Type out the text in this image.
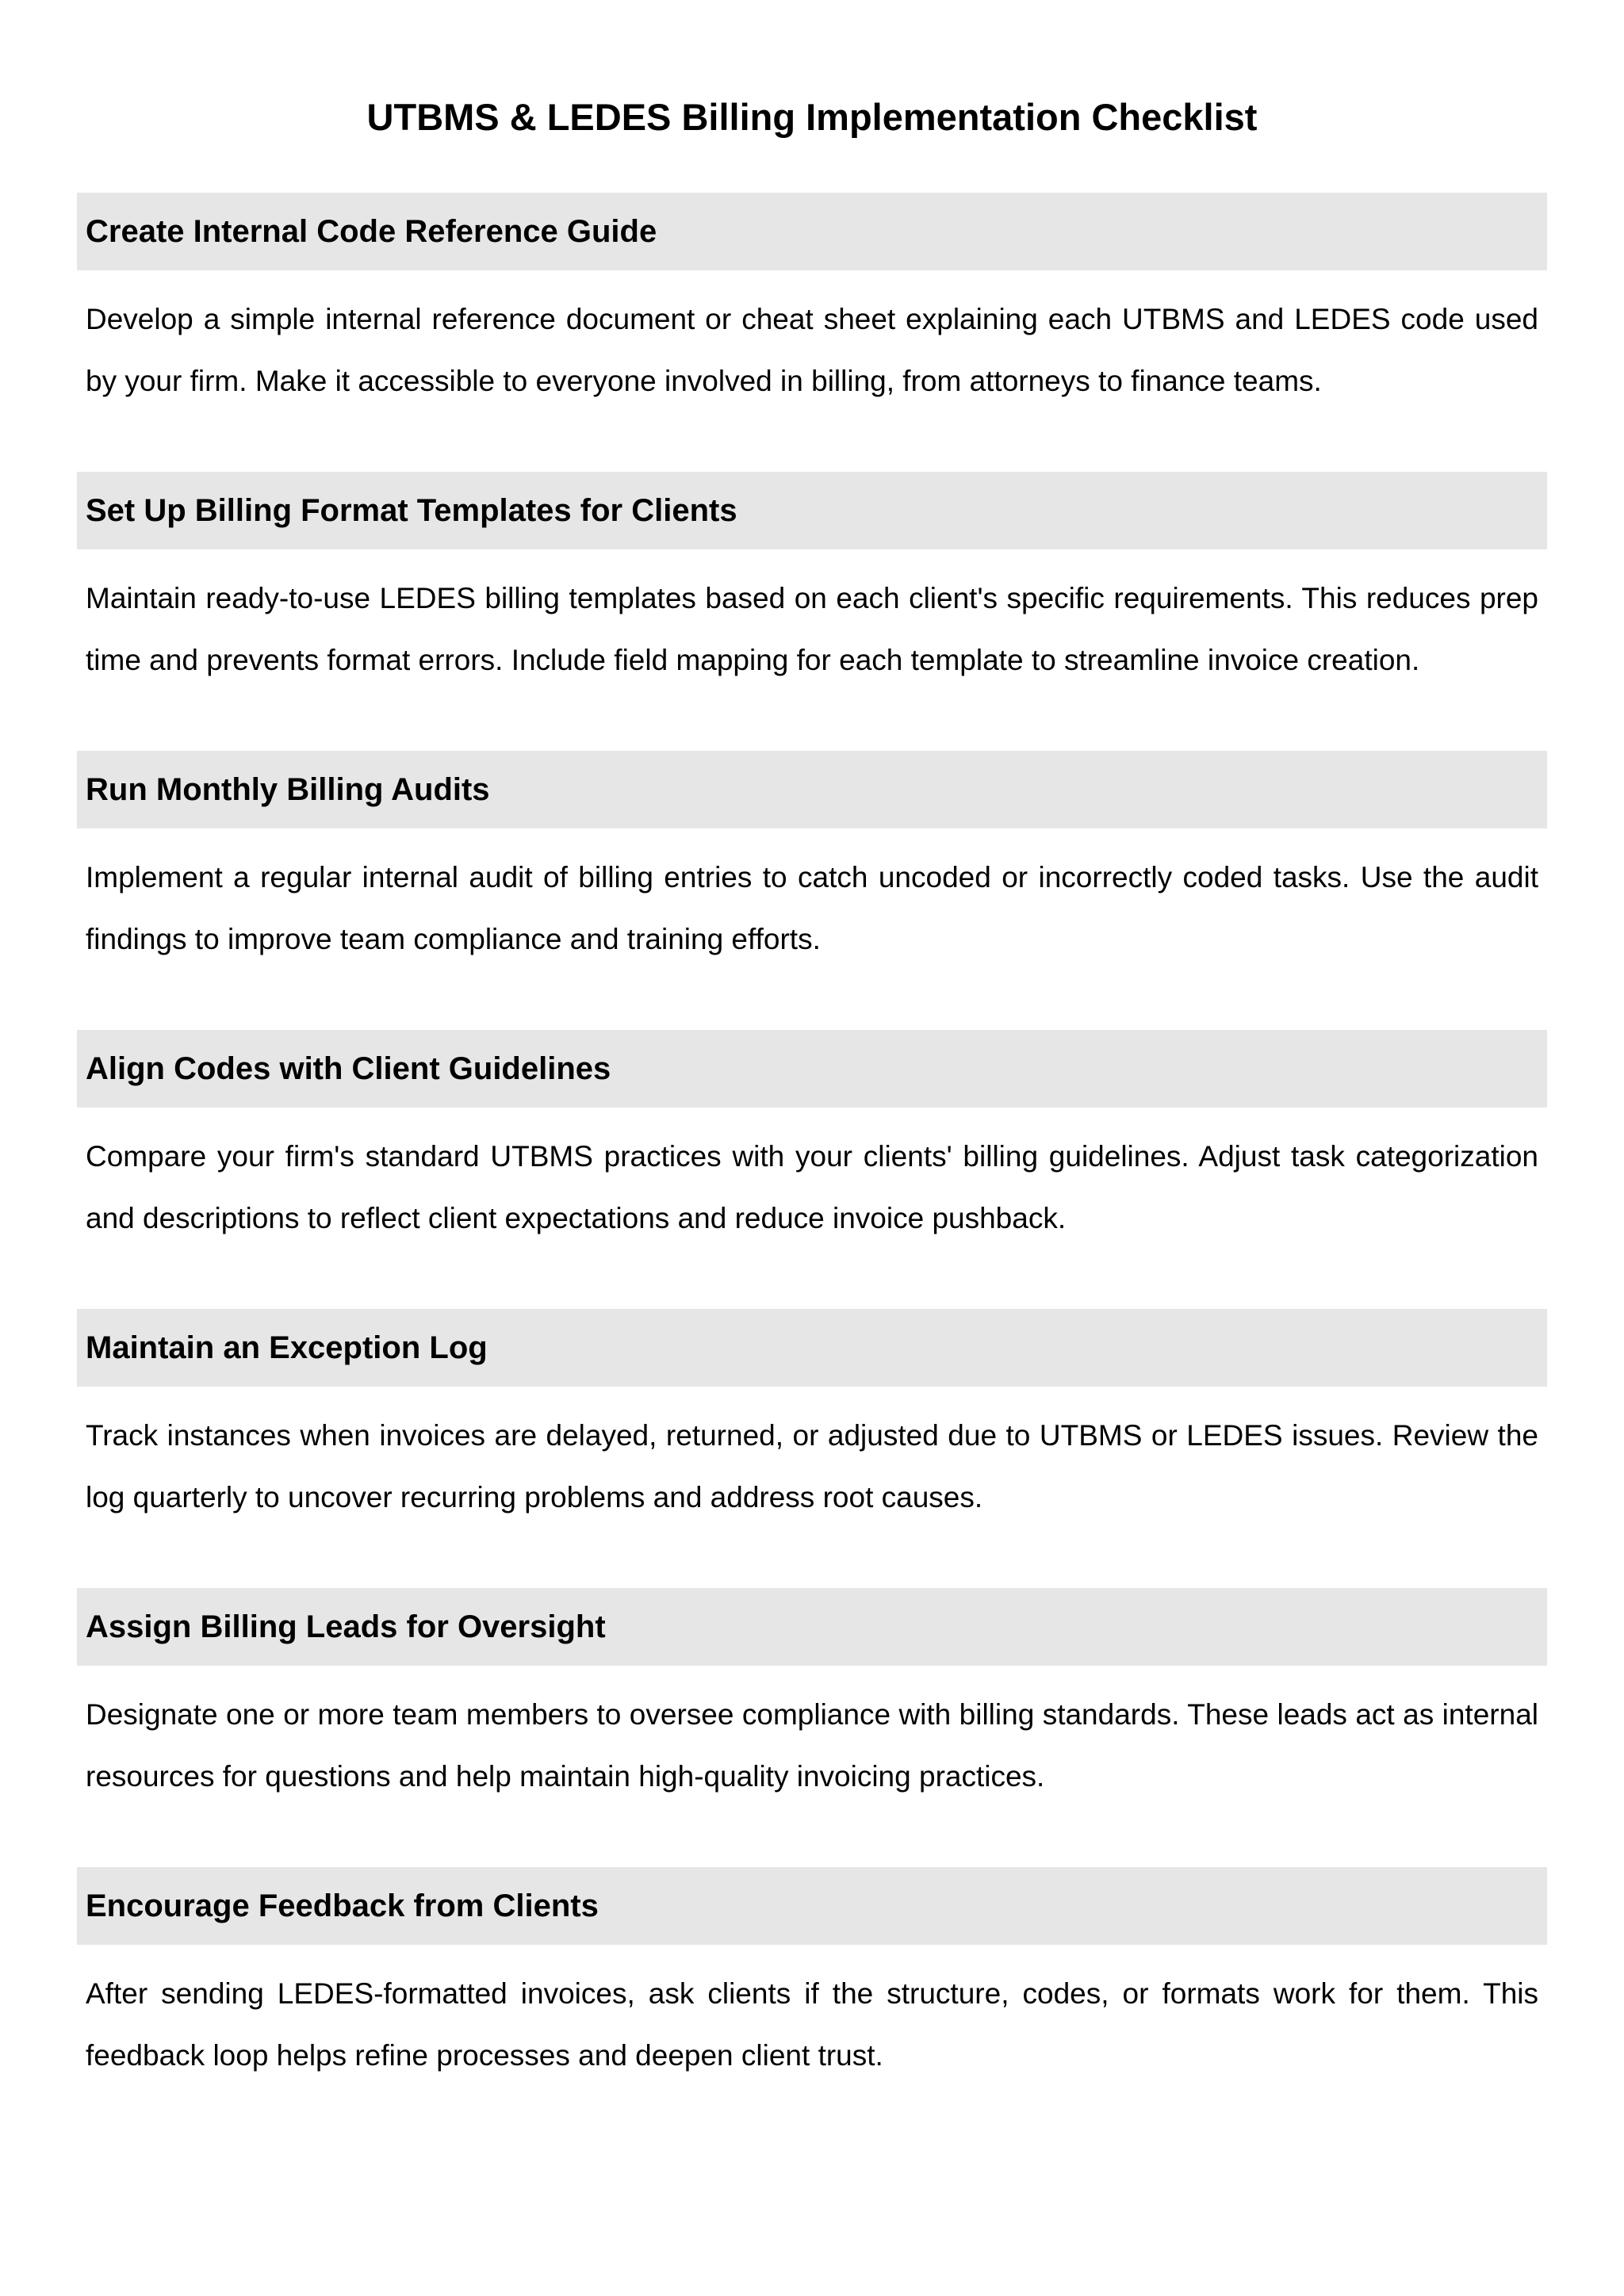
UTBMS & LEDES Billing Implementation Checklist
Create Internal Code Reference Guide

Develop a simple internal reference document or cheat sheet explaining each UTBMS and LEDES code used by your firm. Make it accessible to everyone involved in billing, from attorneys to finance teams.

Set Up Billing Format Templates for Clients

Maintain ready-to-use LEDES billing templates based on each client's specific requirements. This reduces prep time and prevents format errors. Include field mapping for each template to streamline invoice creation.

Run Monthly Billing Audits

Implement a regular internal audit of billing entries to catch uncoded or incorrectly coded tasks. Use the audit findings to improve team compliance and training efforts.

Align Codes with Client Guidelines

Compare your firm's standard UTBMS practices with your clients' billing guidelines. Adjust task categorization and descriptions to reflect client expectations and reduce invoice pushback.

Maintain an Exception Log

Track instances when invoices are delayed, returned, or adjusted due to UTBMS or LEDES issues. Review the log quarterly to uncover recurring problems and address root causes.

Assign Billing Leads for Oversight

Designate one or more team members to oversee compliance with billing standards. These leads act as internal resources for questions and help maintain high-quality invoicing practices.

Encourage Feedback from Clients

After sending LEDES-formatted invoices, ask clients if the structure, codes, or formats work for them. This feedback loop helps refine processes and deepen client trust.
